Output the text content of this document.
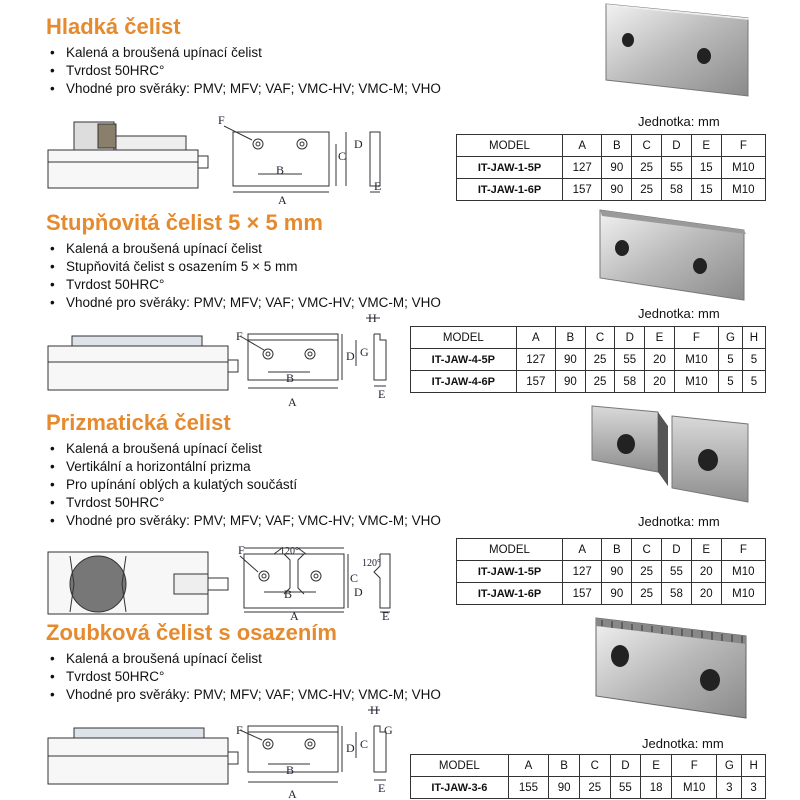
Hladká čelist
• Kalená a broušená upínací čelist
• Tvrdost 50HRC°
• Vhodné pro svěráky: PMV; MFV; VAF; VMC-HV; VMC-M; VHO
F
B
A
C
D
E
Jednotka: mm
MODEL	A	B	C	D	E	F
IT-JAW-1-5P	127	90	25	55	15	M10
IT-JAW-1-6P	157	90	25	58	15	M10
Stupňovitá čelist 5 × 5 mm
• Kalená a broušená upínací čelist
• Stupňovitá čelist s osazením 5 × 5 mm
• Tvrdost 50HRC°
• Vhodné pro svěráky: PMV; MFV; VAF; VMC-HV; VMC-M; VHO
F
B
A
D G
H
E
Jednotka: mm
MODEL	A	B	C	D	E	F	G	H
IT-JAW-4-5P	127	90	25	55	20	M10	5	5
IT-JAW-4-6P	157	90	25	58	20	M10	5	5
Prizmatická čelist
• Kalená a broušená upínací čelist
• Vertikální a horizontální prizma
• Pro upínání oblých a kulatých součástí
• Tvrdost 50HRC°
• Vhodné pro svěráky: PMV; MFV; VAF; VMC-HV; VMC-M; VHO
F	120°
120°
B
A
C
D
E
Jednotka: mm
MODEL	A	B	C	D	E	F
IT-JAW-1-5P	127	90	25	55	20	M10
IT-JAW-1-6P	157	90	25	58	20	M10
Zoubková čelist s osazením
• Kalená a broušená upínací čelist
• Tvrdost 50HRC°
• Vhodné pro svěráky: PMV; MFV; VAF; VMC-HV; VMC-M; VHO
F
B
A
D C
H
G
E
Jednotka: mm
MODEL	A	B	C	D	E	F	G	H
IT-JAW-3-6	155	90	25	55	18	M10	3	3
